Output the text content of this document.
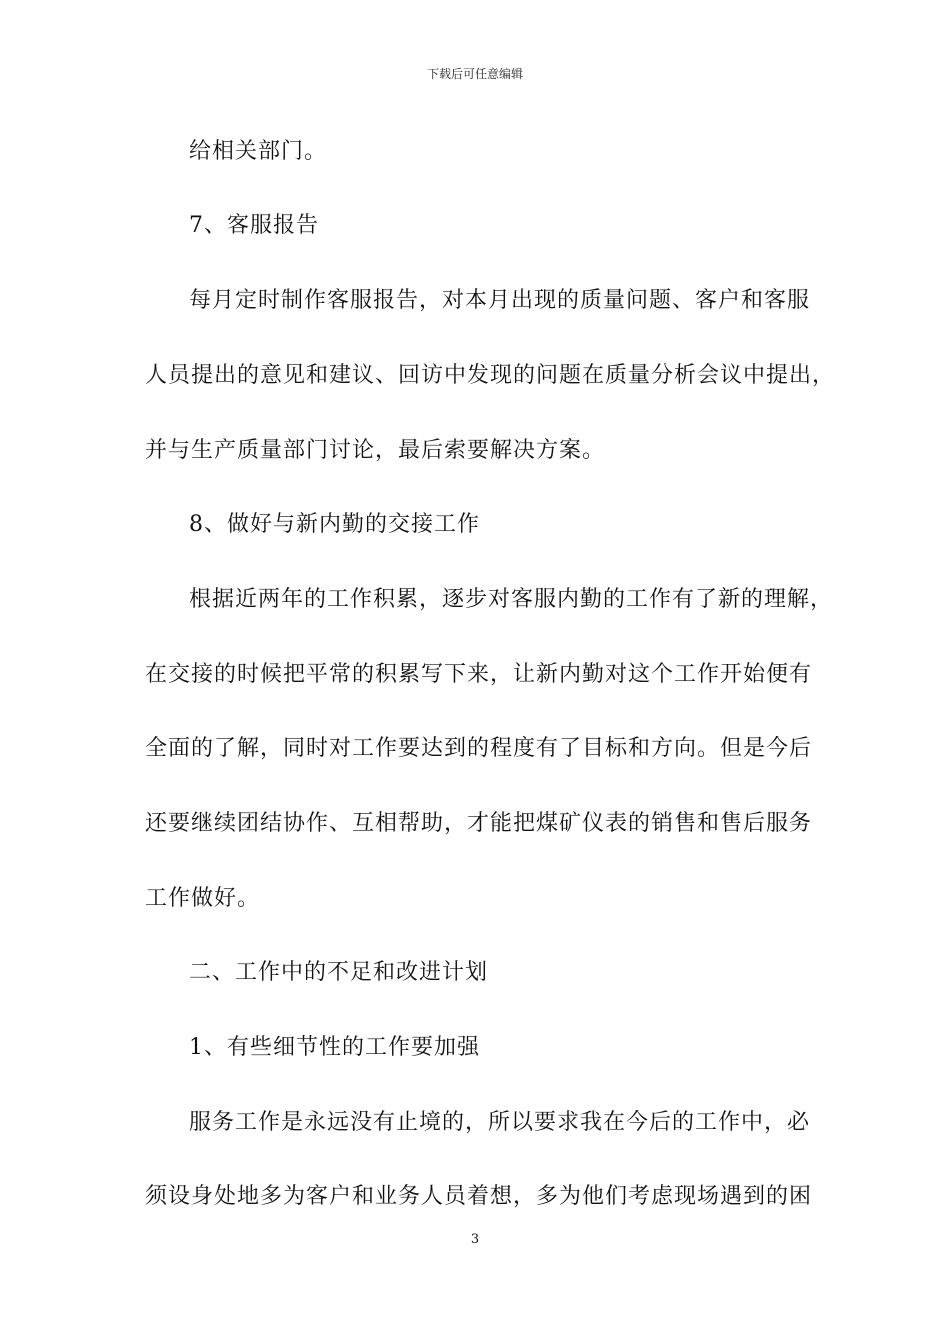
下载后可任意编辑
给相关部门。
7、客服报告
每月定时制作客服报告，对本月出现的质量问题、客户和客服
人员提出的意见和建议、回访中发现的问题在质量分析会议中提出，
并与生产质量部门讨论，最后索要解决方案。
8、做好与新内勤的交接工作
根据近两年的工作积累，逐步对客服内勤的工作有了新的理解，
在交接的时候把平常的积累写下来，让新内勤对这个工作开始便有
全面的了解，同时对工作要达到的程度有了目标和方向。但是今后
还要继续团结协作、互相帮助，才能把煤矿仪表的销售和售后服务
工作做好。
二、工作中的不足和改进计划
1、有些细节性的工作要加强
服务工作是永远没有止境的，所以要求我在今后的工作中，必
须设身处地多为客户和业务人员着想，多为他们考虑现场遇到的困
3
